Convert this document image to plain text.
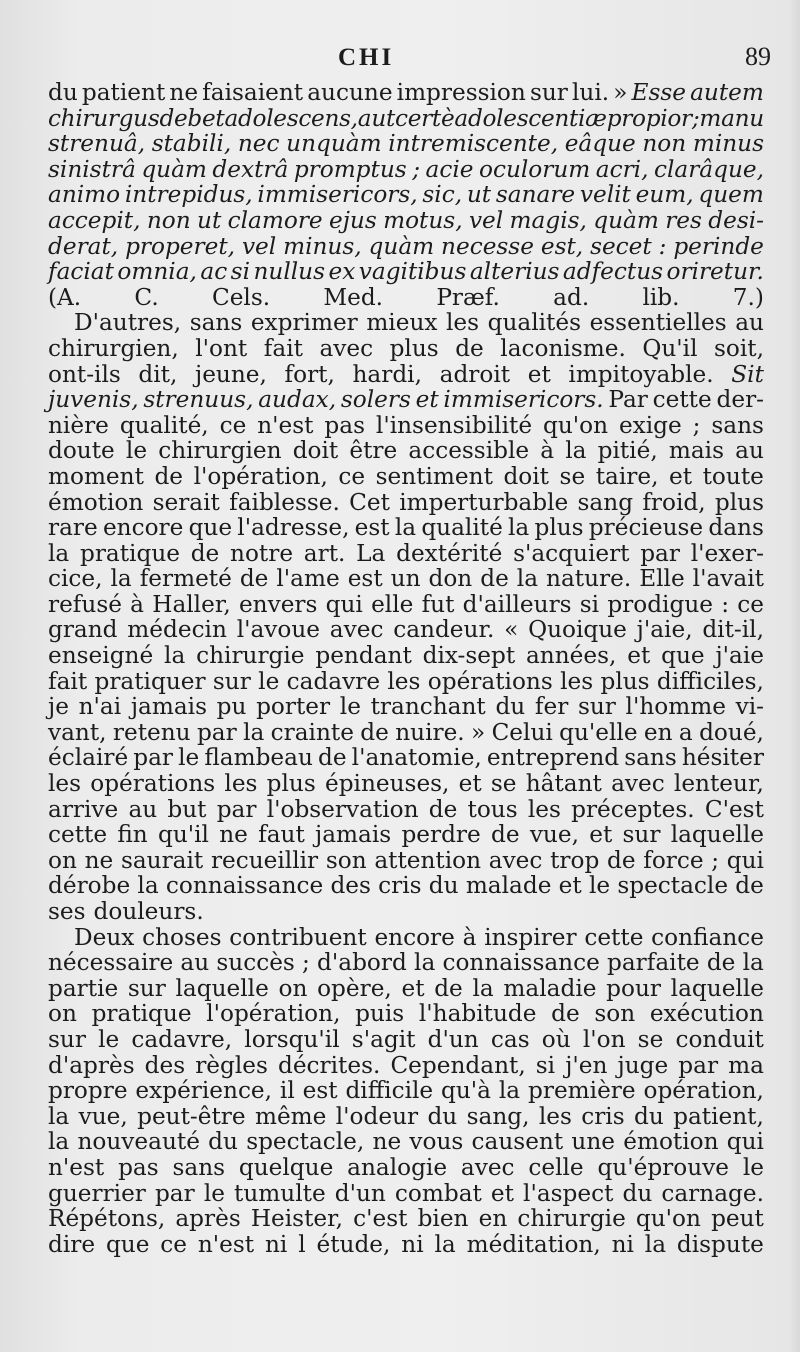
CHI	89
du patient ne faisaient aucune impression sur lui. » Esse autem
chirurgus debet adolescens, aut certè adolescentiæ propior ; manu
strenuâ, stabili, nec unquàm intremiscente, eâque non minus
sinistrâ quàm dextrâ promptus ; acie oculorum acri, clarâque,
animo intrepidus, immisericors, sic, ut sanare velit eum, quem
accepit, non ut clamore ejus motus, vel magis, quàm res desi-
derat, properet, vel minus, quàm necesse est, secet : perinde
faciat omnia, ac si nullus ex vagitibus alterius adfectus oriretur.
(A. C. Cels. Med. Præf. ad. lib. 7.)
D'autres, sans exprimer mieux les qualités essentielles au
chirurgien, l'ont fait avec plus de laconisme. Qu'il soit,
ont-ils dit, jeune, fort, hardi, adroit et impitoyable. Sit
juvenis, strenuus, audax, solers et immisericors. Par cette der-
nière qualité, ce n'est pas l'insensibilité qu'on exige ; sans
doute le chirurgien doit être accessible à la pitié, mais au
moment de l'opération, ce sentiment doit se taire, et toute
émotion serait faiblesse. Cet imperturbable sang froid, plus
rare encore que l'adresse, est la qualité la plus précieuse dans
la pratique de notre art. La dextérité s'acquiert par l'exer-
cice, la fermeté de l'ame est un don de la nature. Elle l'avait
refusé à Haller, envers qui elle fut d'ailleurs si prodigue : ce
grand médecin l'avoue avec candeur. « Quoique j'aie, dit-il,
enseigné la chirurgie pendant dix-sept années, et que j'aie
fait pratiquer sur le cadavre les opérations les plus difficiles,
je n'ai jamais pu porter le tranchant du fer sur l'homme vi-
vant, retenu par la crainte de nuire. » Celui qu'elle en a doué,
éclairé par le flambeau de l'anatomie, entreprend sans hésiter
les opérations les plus épineuses, et se hâtant avec lenteur,
arrive au but par l'observation de tous les préceptes. C'est
cette fin qu'il ne faut jamais perdre de vue, et sur laquelle
on ne saurait recueillir son attention avec trop de force ; qui
dérobe la connaissance des cris du malade et le spectacle de
ses douleurs.
Deux choses contribuent encore à inspirer cette confiance
nécessaire au succès ; d'abord la connaissance parfaite de la
partie sur laquelle on opère, et de la maladie pour laquelle
on pratique l'opération, puis l'habitude de son exécution
sur le cadavre, lorsqu'il s'agit d'un cas où l'on se conduit
d'après des règles décrites. Cependant, si j'en juge par ma
propre expérience, il est difficile qu'à la première opération,
la vue, peut-être même l'odeur du sang, les cris du patient,
la nouveauté du spectacle, ne vous causent une émotion qui
n'est pas sans quelque analogie avec celle qu'éprouve le
guerrier par le tumulte d'un combat et l'aspect du carnage.
Répétons, après Heister, c'est bien en chirurgie qu'on peut
dire que ce n'est ni l étude, ni la méditation, ni la dispute
